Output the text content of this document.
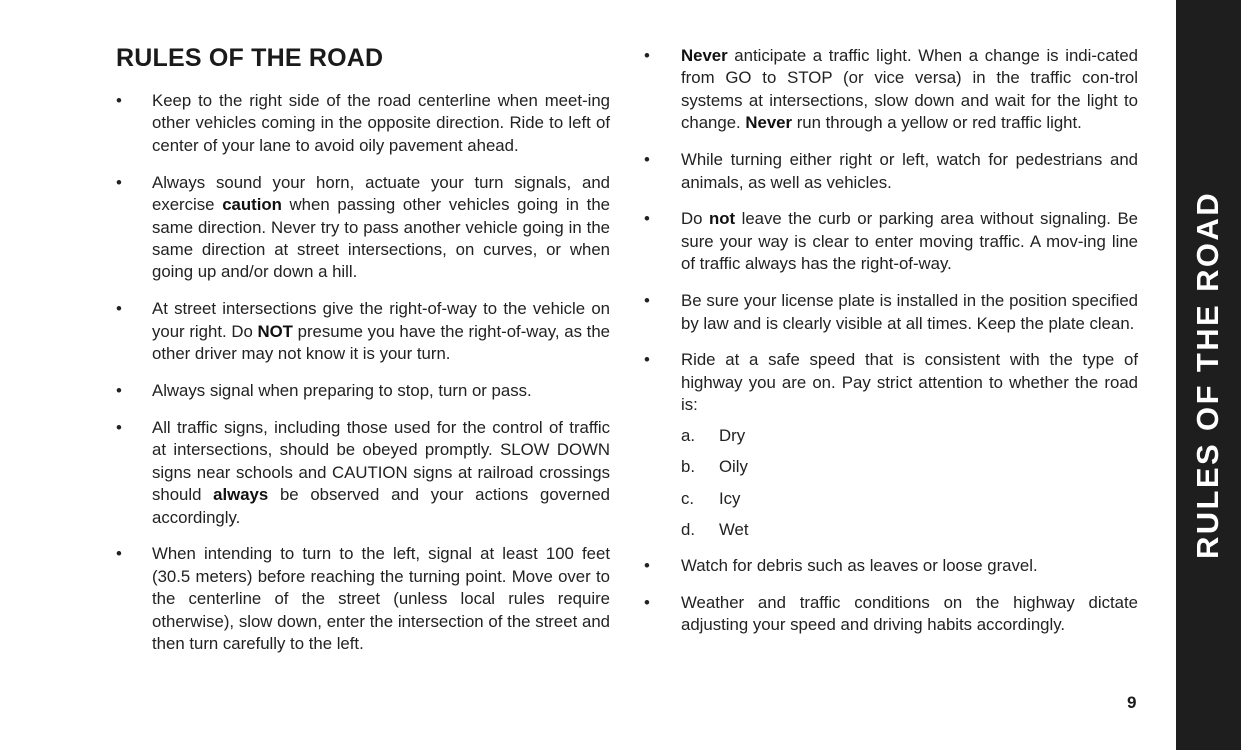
RULES OF THE ROAD
• Keep to the right side of the road centerline when meet-ing other vehicles coming in the opposite direction. Ride to left of center of your lane to avoid oily pavement ahead.
• Always sound your horn, actuate your turn signals, and exercise caution when passing other vehicles going in the same direction. Never try to pass another vehicle going in the same direction at street intersections, on curves, or when going up and/or down a hill.
• At street intersections give the right-of-way to the vehicle on your right. Do NOT presume you have the right-of-way, as the other driver may not know it is your turn.
• Always signal when preparing to stop, turn or pass.
• All traffic signs, including those used for the control of traffic at intersections, should be obeyed promptly. SLOW DOWN signs near schools and CAUTION signs at railroad crossings should always be observed and your actions governed accordingly.
• When intending to turn to the left, signal at least 100 feet (30.5 meters) before reaching the turning point. Move over to the centerline of the street (unless local rules require otherwise), slow down, enter the intersection of the street and then turn carefully to the left.
• Never anticipate a traffic light. When a change is indi-cated from GO to STOP (or vice versa) in the traffic con-trol systems at intersections, slow down and wait for the light to change. Never run through a yellow or red traffic light.
• While turning either right or left, watch for pedestrians and animals, as well as vehicles.
• Do not leave the curb or parking area without signaling. Be sure your way is clear to enter moving traffic. A mov-ing line of traffic always has the right-of-way.
• Be sure your license plate is installed in the position specified by law and is clearly visible at all times. Keep the plate clean.
• Ride at a safe speed that is consistent with the type of highway you are on. Pay strict attention to whether the road is:
a. Dry
b. Oily
c. Icy
d. Wet
• Watch for debris such as leaves or loose gravel.
• Weather and traffic conditions on the highway dictate adjusting your speed and driving habits accordingly.
9
RULES OF THE ROAD
